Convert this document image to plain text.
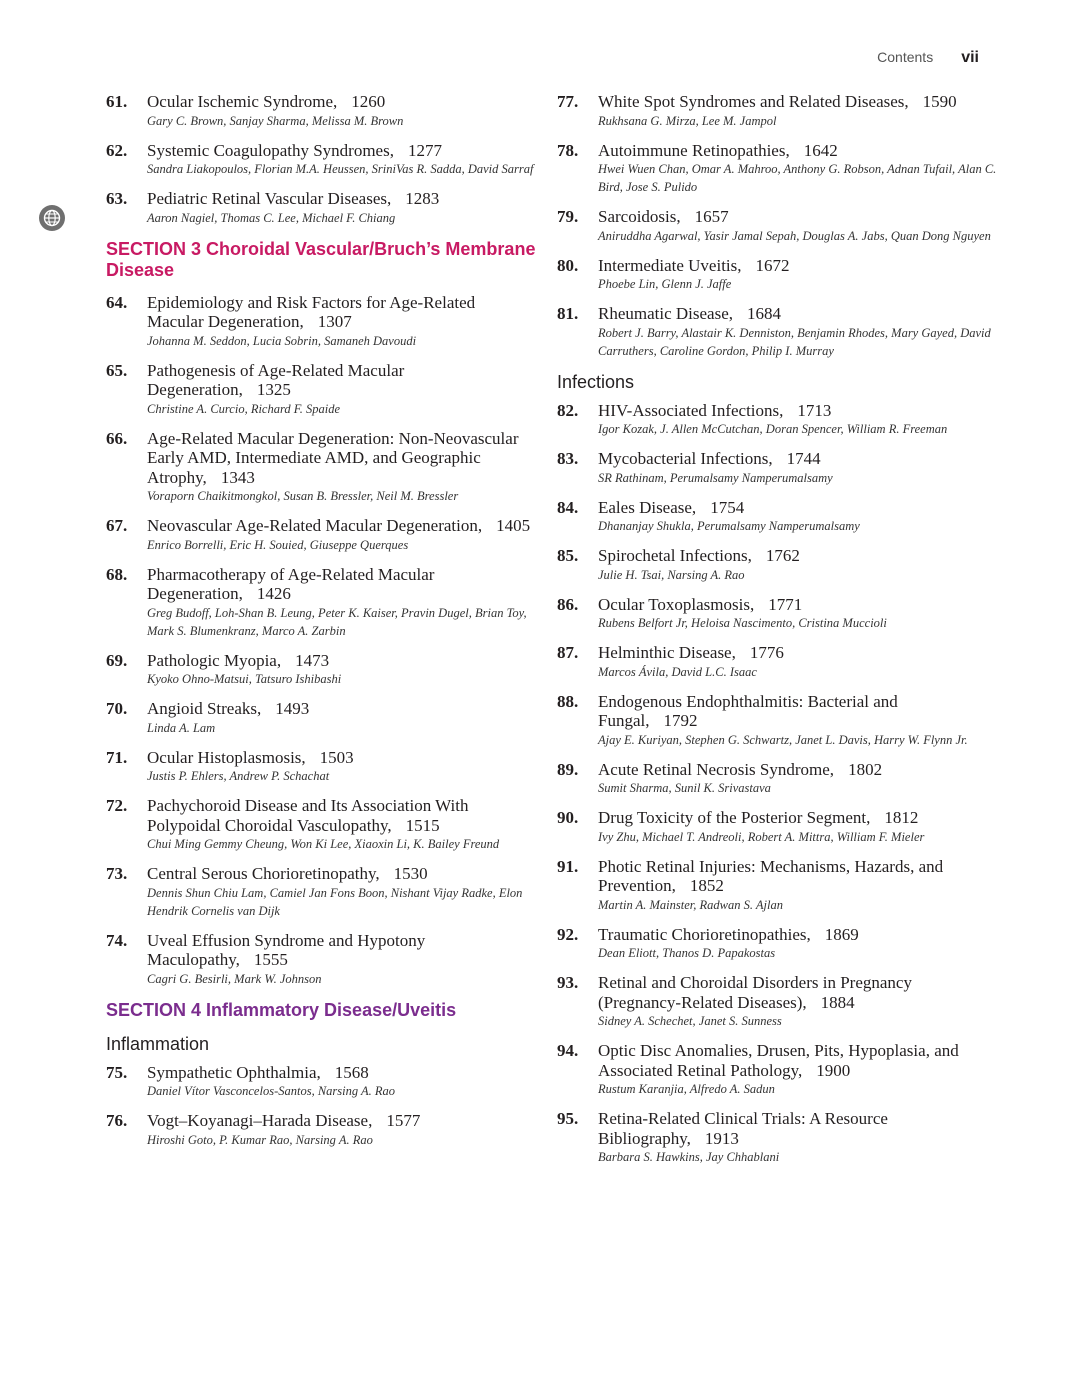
Contents vii
61.	Ocular Ischemic Syndrome, 1260
Gary C. Brown, Sanjay Sharma, Melissa M. Brown
62.	Systemic Coagulopathy Syndromes, 1277
Sandra Liakopoulos, Florian M.A. Heussen, SriniVas R. Sadda, David Sarraf
63.	Pediatric Retinal Vascular Diseases, 1283
Aaron Nagiel, Thomas C. Lee, Michael F. Chiang
SECTION 3 Choroidal Vascular/Bruch’s Membrane Disease
64.	Epidemiology and Risk Factors for Age-Related Macular Degeneration, 1307
Johanna M. Seddon, Lucia Sobrin, Samaneh Davoudi
65.	Pathogenesis of Age-Related Macular Degeneration, 1325
Christine A. Curcio, Richard F. Spaide
66.	Age-Related Macular Degeneration: Non-Neovascular Early AMD, Intermediate AMD, and Geographic Atrophy, 1343
Voraporn Chaikitmongkol, Susan B. Bressler, Neil M. Bressler
67.	Neovascular Age-Related Macular Degeneration, 1405
Enrico Borrelli, Eric H. Souied, Giuseppe Querques
68.	Pharmacotherapy of Age-Related Macular Degeneration, 1426
Greg Budoff, Loh-Shan B. Leung, Peter K. Kaiser, Pravin Dugel, Brian Toy, Mark S. Blumenkranz, Marco A. Zarbin
69.	Pathologic Myopia, 1473
Kyoko Ohno-Matsui, Tatsuro Ishibashi
70.	Angioid Streaks, 1493
Linda A. Lam
71.	Ocular Histoplasmosis, 1503
Justis P. Ehlers, Andrew P. Schachat
72.	Pachychoroid Disease and Its Association With Polypoidal Choroidal Vasculopathy, 1515
Chui Ming Gemmy Cheung, Won Ki Lee, Xiaoxin Li, K. Bailey Freund
73.	Central Serous Chorioretinopathy, 1530
Dennis Shun Chiu Lam, Camiel Jan Fons Boon, Nishant Vijay Radke, Elon Hendrik Cornelis van Dijk
74.	Uveal Effusion Syndrome and Hypotony Maculopathy, 1555
Cagri G. Besirli, Mark W. Johnson
SECTION 4 Inflammatory Disease/Uveitis
Inflammation
75.	Sympathetic Ophthalmia, 1568
Daniel Vítor Vasconcelos-Santos, Narsing A. Rao
76.	Vogt–Koyanagi–Harada Disease, 1577
Hiroshi Goto, P. Kumar Rao, Narsing A. Rao
77.	White Spot Syndromes and Related Diseases, 1590
Rukhsana G. Mirza, Lee M. Jampol
78.	Autoimmune Retinopathies, 1642
Hwei Wuen Chan, Omar A. Mahroo, Anthony G. Robson, Adnan Tufail, Alan C. Bird, Jose S. Pulido
79.	Sarcoidosis, 1657
Aniruddha Agarwal, Yasir Jamal Sepah, Douglas A. Jabs, Quan Dong Nguyen
80.	Intermediate Uveitis, 1672
Phoebe Lin, Glenn J. Jaffe
81.	Rheumatic Disease, 1684
Robert J. Barry, Alastair K. Denniston, Benjamin Rhodes, Mary Gayed, David Carruthers, Caroline Gordon, Philip I. Murray
Infections
82.	HIV-Associated Infections, 1713
Igor Kozak, J. Allen McCutchan, Doran Spencer, William R. Freeman
83.	Mycobacterial Infections, 1744
SR Rathinam, Perumalsamy Namperumalsamy
84.	Eales Disease, 1754
Dhananjay Shukla, Perumalsamy Namperumalsamy
85.	Spirochetal Infections, 1762
Julie H. Tsai, Narsing A. Rao
86.	Ocular Toxoplasmosis, 1771
Rubens Belfort Jr, Heloisa Nascimento, Cristina Muccioli
87.	Helminthic Disease, 1776
Marcos Ávila, David L.C. Isaac
88.	Endogenous Endophthalmitis: Bacterial and Fungal, 1792
Ajay E. Kuriyan, Stephen G. Schwartz, Janet L. Davis, Harry W. Flynn Jr.
89.	Acute Retinal Necrosis Syndrome, 1802
Sumit Sharma, Sunil K. Srivastava
90.	Drug Toxicity of the Posterior Segment, 1812
Ivy Zhu, Michael T. Andreoli, Robert A. Mittra, William F. Mieler
91.	Photic Retinal Injuries: Mechanisms, Hazards, and Prevention, 1852
Martin A. Mainster, Radwan S. Ajlan
92.	Traumatic Chorioretinopathies, 1869
Dean Eliott, Thanos D. Papakostas
93.	Retinal and Choroidal Disorders in Pregnancy (Pregnancy-Related Diseases), 1884
Sidney A. Schechet, Janet S. Sunness
94.	Optic Disc Anomalies, Drusen, Pits, Hypoplasia, and Associated Retinal Pathology, 1900
Rustum Karanjia, Alfredo A. Sadun
95.	Retina-Related Clinical Trials: A Resource Bibliography, 1913
Barbara S. Hawkins, Jay Chhablani
